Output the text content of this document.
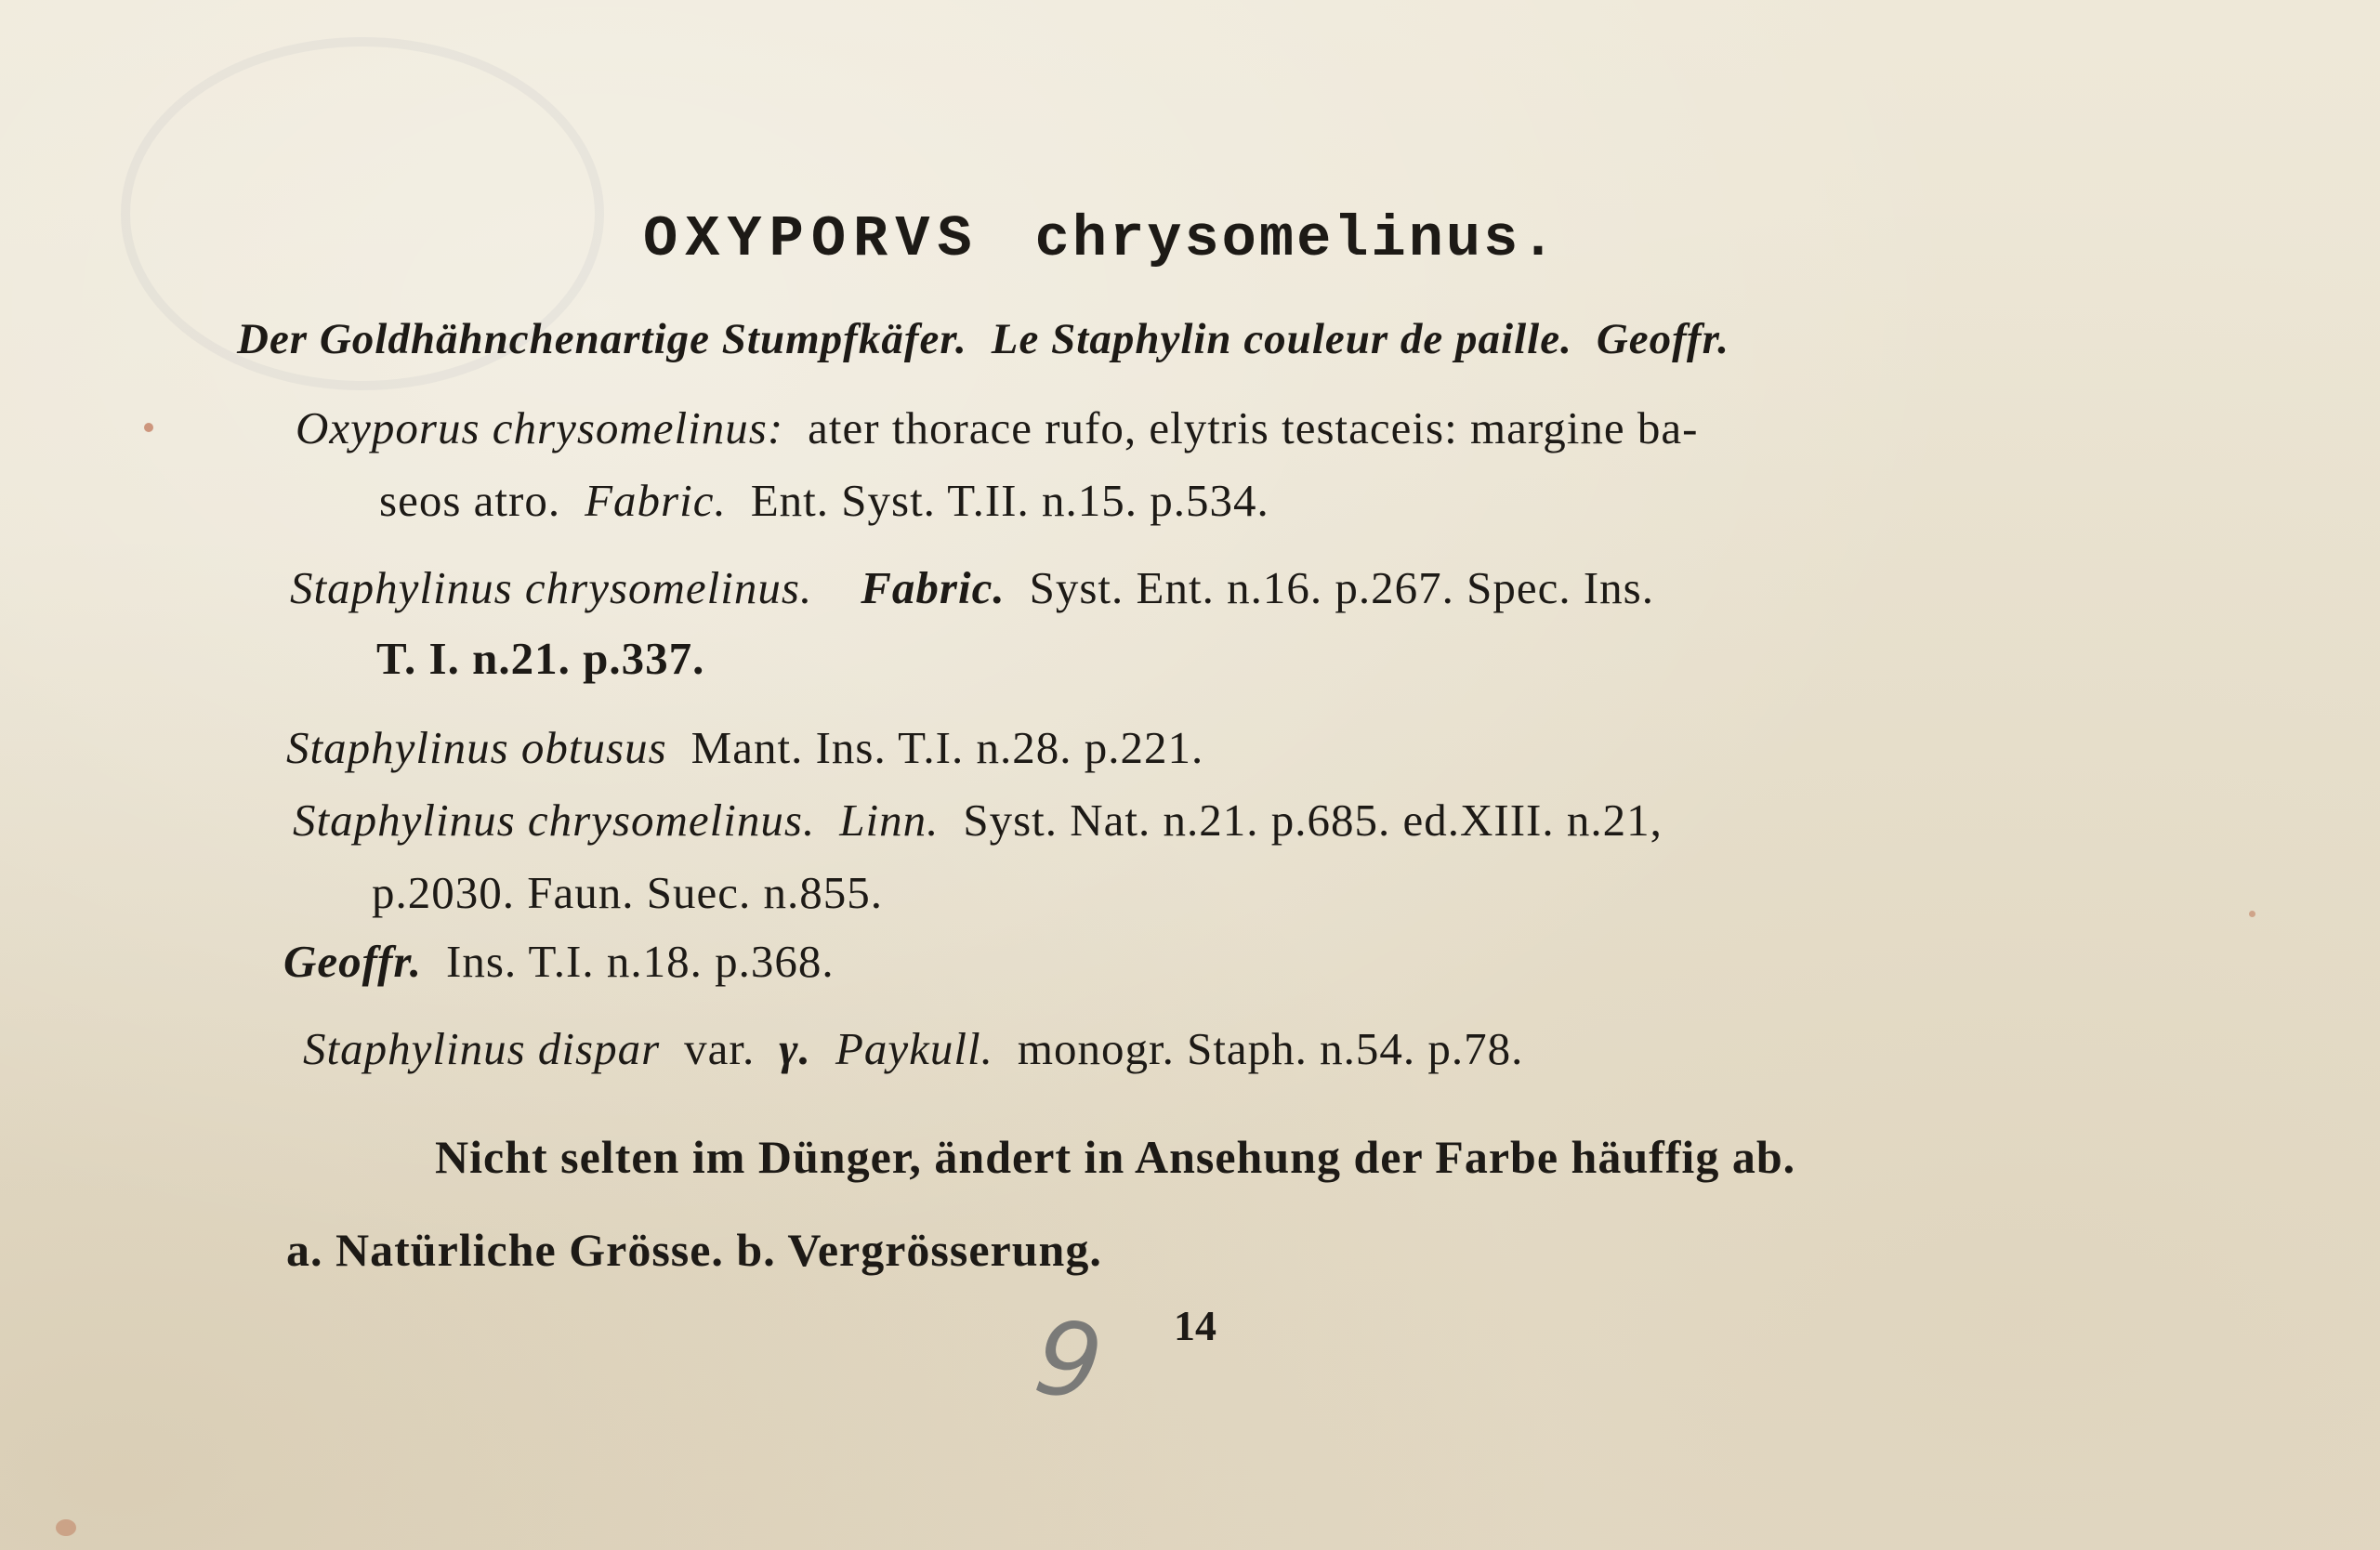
OXYPORVS chrysomelinus.
Der Goldhähnchenartige Stumpfkäfer. Le Staphylin couleur de paille. Geoffr.
Oxyporus chrysomelinus: ater thorace rufo, elytris testaceis: margine ba-
seos atro. Fabric. Ent. Syst. T.II. n.15. p.534.
Staphylinus chrysomelinus. Fabric. Syst. Ent. n.16. p.267. Spec. Ins.
T. I. n.21. p.337.
Staphylinus obtusus Mant. Ins. T.I. n.28. p.221.
Staphylinus chrysomelinus. Linn. Syst. Nat. n.21. p.685. ed.XIII. n.21,
p.2030. Faun. Suec. n.855.
Geoffr. Ins. T.I. n.18. p.368.
Staphylinus dispar var. γ. Paykull. monogr. Staph. n.54. p.78.
Nicht selten im Dünger, ändert in Ansehung der Farbe häuffig ab.
a. Natürliche Grösse. b. Vergrösserung.
14
9
